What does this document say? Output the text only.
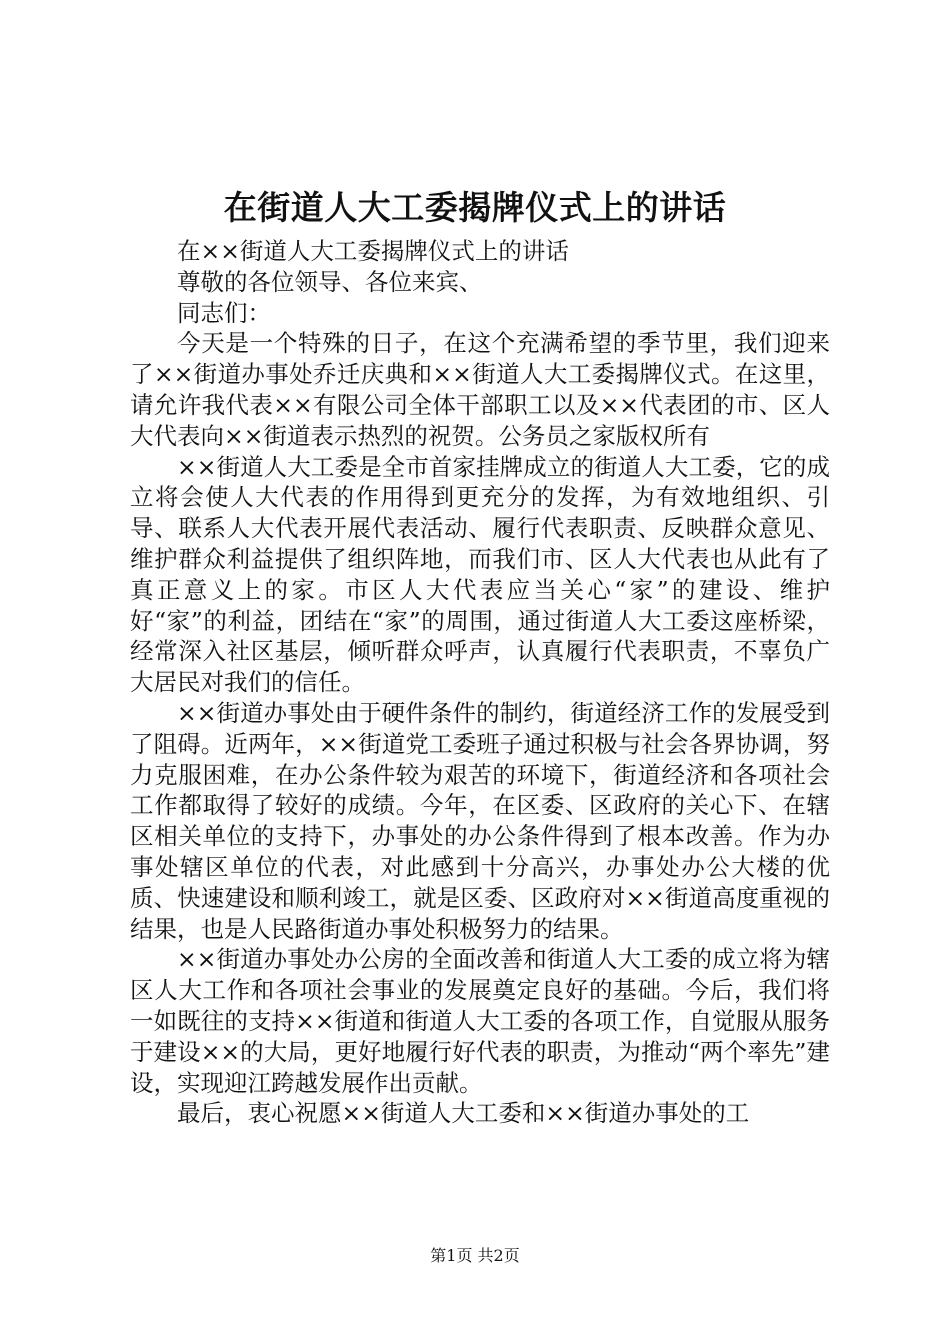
在街道人大工委揭牌仪式上的讲话

在××街道人大工委揭牌仪式上的讲话

尊敬的各位领导、各位来宾、

同志们：

今天是一个特殊的日子，在这个充满希望的季节里，我们迎来了××街道办事处乔迁庆典和××街道人大工委揭牌仪式。在这里，请允许我代表××有限公司全体干部职工以及××代表团的市、区人大代表向××街道表示热烈的祝贺。公务员之家版权所有

××街道人大工委是全市首家挂牌成立的街道人大工委，它的成立将会使人大代表的作用得到更充分的发挥，为有效地组织、引导、联系人大代表开展代表活动、履行代表职责、反映群众意见、维护群众利益提供了组织阵地，而我们市、区人大代表也从此有了真正意义上的家。市区人大代表应当关心“家”的建设、维护好“家”的利益，团结在“家”的周围，通过街道人大工委这座桥梁，经常深入社区基层，倾听群众呼声，认真履行代表职责，不辜负广大居民对我们的信任。

××街道办事处由于硬件条件的制约，街道经济工作的发展受到了阻碍。近两年，××街道党工委班子通过积极与社会各界协调，努力克服困难，在办公条件较为艰苦的环境下，街道经济和各项社会工作都取得了较好的成绩。今年，在区委、区政府的关心下、在辖区相关单位的支持下，办事处的办公条件得到了根本改善。作为办事处辖区单位的代表，对此感到十分高兴，办事处办公大楼的优质、快速建设和顺利竣工，就是区委、区政府对××街道高度重视的结果，也是人民路街道办事处积极努力的结果。

××街道办事处办公房的全面改善和街道人大工委的成立将为辖区人大工作和各项社会事业的发展奠定良好的基础。今后，我们将一如既往的支持××街道和街道人大工委的各项工作，自觉服从服务于建设××的大局，更好地履行好代表的职责，为推动“两个率先”建设，实现迎江跨越发展作出贡献。

最后，衷心祝愿××街道人大工委和××街道办事处的工

第1页 共2页
